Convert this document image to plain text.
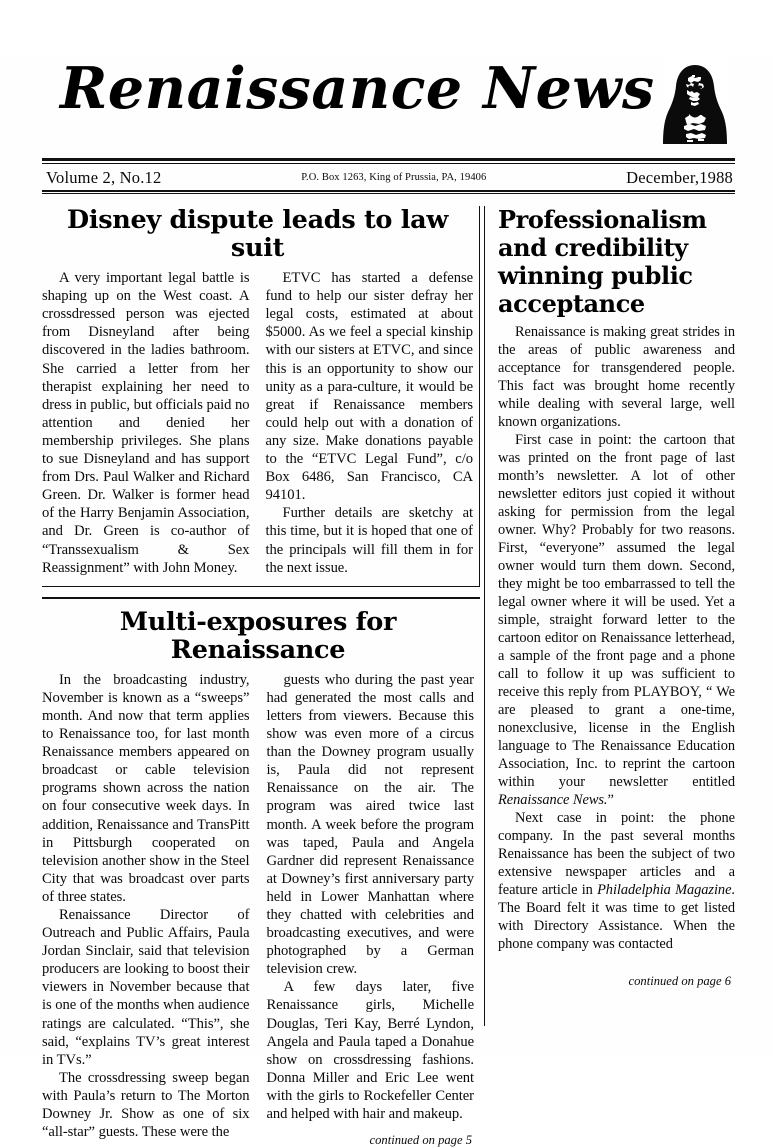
Renaissance News
Volume 2, No.12	P.O. Box 1263, King of Prussia, PA, 19406	December,1988
Disney dispute leads to law suit

A very important legal battle is shaping up on the West coast. A crossdressed person was ejected from Disneyland after being discovered in the ladies bathroom. She carried a letter from her therapist explaining her need to dress in public, but officials paid no attention and denied her membership privileges. She plans to sue Disneyland and has support from Drs. Paul Walker and Richard Green. Dr. Walker is former head of the Harry Benjamin Association, and Dr. Green is co-author of “Transsexualism & Sex Reassignment” with John Money.

ETVC has started a defense fund to help our sister defray her legal costs, estimated at about $5000. As we feel a special kinship with our sisters at ETVC, and since this is an opportunity to show our unity as a para-culture, it would be great if Renaissance members could help out with a donation of any size. Make donations payable to the “ETVC Legal Fund”, c/o Box 6486, San Francisco, CA 94101.

Further details are sketchy at this time, but it is hoped that one of the principals will fill them in for the next issue.

Multi-exposures for Renaissance

In the broadcasting industry, November is known as a “sweeps” month. And now that term applies to Renaissance too, for last month Renaissance members appeared on broadcast or cable television programs shown across the nation on four consecutive week days. In addition, Renaissance and TransPitt in Pittsburgh cooperated on television another show in the Steel City that was broadcast over parts of three states.

Renaissance Director of Outreach and Public Affairs, Paula Jordan Sinclair, said that television producers are looking to boost their viewers in November because that is one of the months when audience ratings are calculated. “This”, she said, “explains TV’s great interest in TVs.”

The crossdressing sweep began with Paula’s return to The Morton Downey Jr. Show as one of six “all-star” guests. These were the

guests who during the past year had generated the most calls and letters from viewers. Because this show was even more of a circus than the Downey program usually is, Paula did not represent Renaissance on the air. The program was aired twice last month. A week before the program was taped, Paula and Angela Gardner did represent Renaissance at Downey’s first anniversary party held in Lower Manhattan where they chatted with celebrities and broadcasting executives, and were photographed by a German television crew.

A few days later, five Renaissance girls, Michelle Douglas, Teri Kay, Berré Lyndon, Angela and Paula taped a Donahue show on crossdressing fashions. Donna Miller and Eric Lee went with the girls to Rockefeller Center and helped with hair and makeup.

continued on page 5

Professionalism and credibility winning public acceptance

Renaissance is making great strides in the areas of public awareness and acceptance for transgendered people. This fact was brought home recently while dealing with several large, well known organizations.

First case in point: the cartoon that was printed on the front page of last month’s newsletter. A lot of other newsletter editors just copied it without asking for permission from the legal owner. Why? Probably for two reasons. First, “everyone” assumed the legal owner would turn them down. Second, they might be too embarrassed to tell the legal owner where it will be used. Yet a simple, straight forward letter to the cartoon editor on Renaissance letterhead, a sample of the front page and a phone call to follow it up was sufficient to receive this reply from PLAYBOY, “ We are pleased to grant a one-time, nonexclusive, license in the English language to The Renaissance Education Association, Inc. to reprint the cartoon within your newsletter entitled Renaissance News.”

Next case in point: the phone company. In the past several months Renaissance has been the subject of two extensive newspaper articles and a feature article in Philadelphia Magazine. The Board felt it was time to get listed with Directory Assistance. When the phone company was contacted

continued on page 6
